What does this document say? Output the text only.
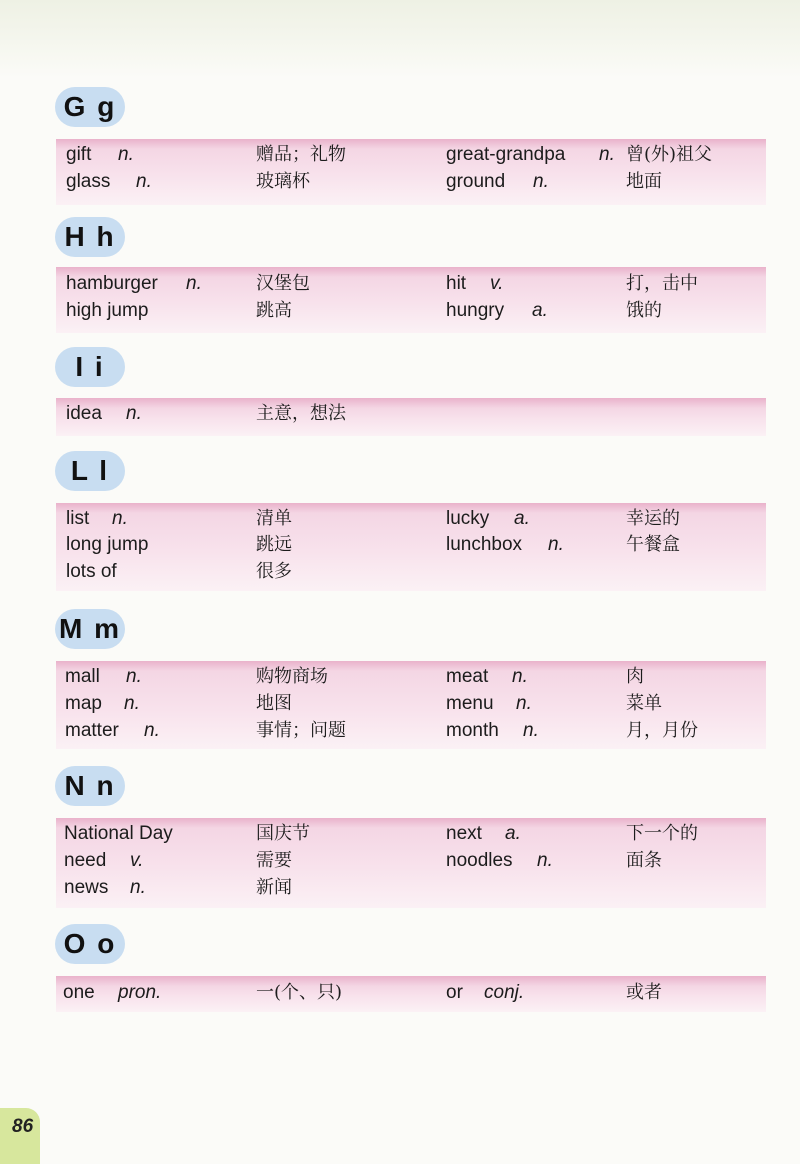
G g
gift n.	赠品；礼物	great-grandpa n. 曾(外)祖父
glass n.	玻璃杯	ground n.	地面
H h
hamburger n.	汉堡包	hit v.	打，击中
high jump	跳高	hungry a.	饿的
I i
idea n.	主意，想法
L l
list n.	清单	lucky a.	幸运的
long jump	跳远	lunchbox n.	午餐盒
lots of	很多
M m
mall n.	购物商场	meat n.	肉
map n.	地图	menu n.	菜单
matter n.	事情；问题	month n.	月，月份
N n
National Day	国庆节	next a.	下一个的
need v.	需要	noodles n.	面条
news n.	新闻
O o
one pron.	一(个、只)	or conj.	或者
86
